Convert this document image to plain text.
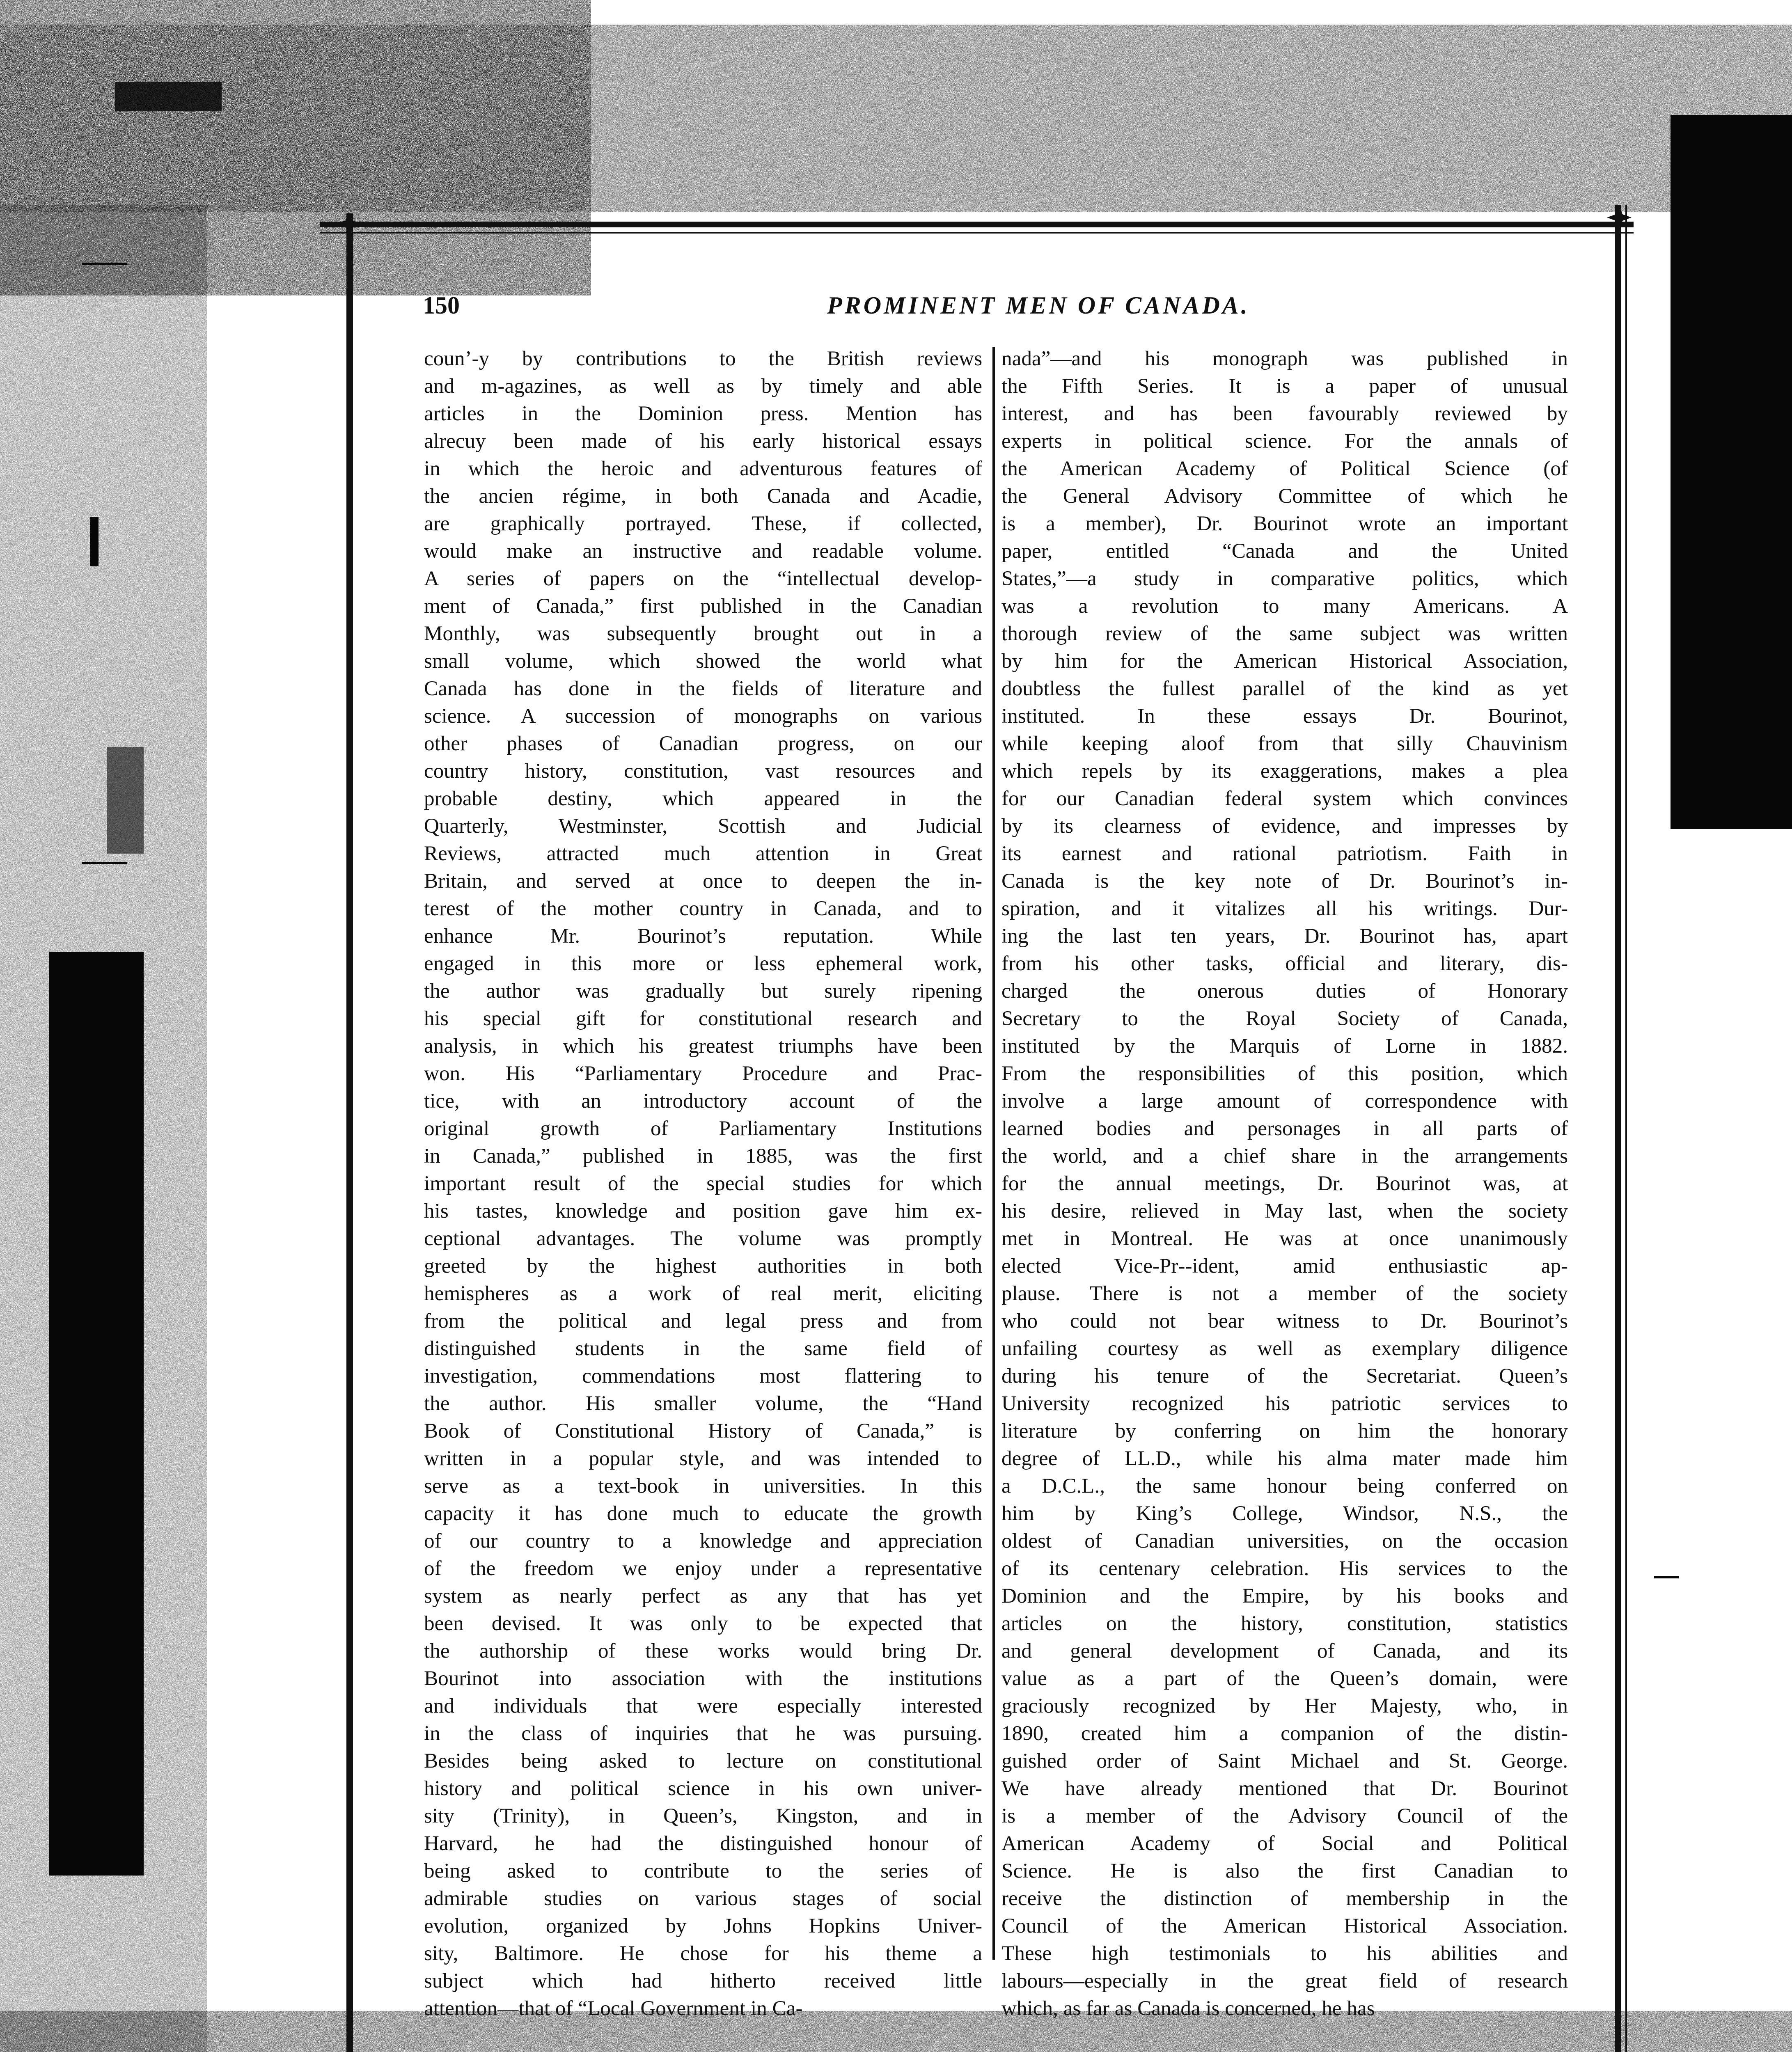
150	PROMINENT MEN OF CANADA.
coun’‑y by contributions to the British reviews
and m‑agazines, as well as by timely and able
articles in the Dominion press. Mention has
alrecuy been made of his early historical essays
in which the heroic and adventurous features of
the ancien régime, in both Canada and Acadie,
are graphically portrayed. These, if collected,
would make an instructive and readable volume.
A series of papers on the “intellectual develop-
ment of Canada,” first published in the Canadian
Monthly, was subsequently brought out in a
small volume, which showed the world what
Canada has done in the fields of literature and
science. A succession of monographs on various
other phases of Canadian progress, on our
country history, constitution, vast resources and
probable destiny, which appeared in the
Quarterly, Westminster, Scottish and Judicial
Reviews, attracted much attention in Great
Britain, and served at once to deepen the in-
terest of the mother country in Canada, and to
enhance Mr. Bourinot’s reputation. While
engaged in this more or less ephemeral work,
the author was gradually but surely ripening
his special gift for constitutional research and
analysis, in which his greatest triumphs have been
won. His “Parliamentary Procedure and Prac-
tice, with an introductory account of the
original growth of Parliamentary Institutions
in Canada,” published in 1885, was the first
important result of the special studies for which
his tastes, knowledge and position gave him ex-
ceptional advantages. The volume was promptly
greeted by the highest authorities in both
hemispheres as a work of real merit, eliciting
from the political and legal press and from
distinguished students in the same field of
investigation, commendations most flattering to
the author. His smaller volume, the “Hand
Book of Constitutional History of Canada,” is
written in a popular style, and was intended to
serve as a text-book in universities. In this
capacity it has done much to educate the growth
of our country to a knowledge and appreciation
of the freedom we enjoy under a representative
system as nearly perfect as any that has yet
been devised. It was only to be expected that
the authorship of these works would bring Dr.
Bourinot into association with the institutions
and individuals that were especially interested
in the class of inquiries that he was pursuing.
Besides being asked to lecture on constitutional
history and political science in his own univer-
sity (Trinity), in Queen’s, Kingston, and in
Harvard, he had the distinguished honour of
being asked to contribute to the series of
admirable studies on various stages of social
evolution, organized by Johns Hopkins Univer-
sity, Baltimore. He chose for his theme a
subject which had hitherto received little
attention—that of “Local Government in Ca-
nada”—and his monograph was published in
the Fifth Series. It is a paper of unusual
interest, and has been favourably reviewed by
experts in political science. For the annals of
the American Academy of Political Science (of
the General Advisory Committee of which he
is a member), Dr. Bourinot wrote an important
paper, entitled “Canada and the United
States,”—a study in comparative politics, which
was a revolution to many Americans. A
thorough review of the same subject was written
by him for the American Historical Association,
doubtless the fullest parallel of the kind as yet
instituted. In these essays Dr. Bourinot,
while keeping aloof from that silly Chauvinism
which repels by its exaggerations, makes a plea
for our Canadian federal system which convinces
by its clearness of evidence, and impresses by
its earnest and rational patriotism. Faith in
Canada is the key note of Dr. Bourinot’s in-
spiration, and it vitalizes all his writings. Dur-
ing the last ten years, Dr. Bourinot has, apart
from his other tasks, official and literary, dis-
charged the onerous duties of Honorary
Secretary to the Royal Society of Canada,
instituted by the Marquis of Lorne in 1882.
From the responsibilities of this position, which
involve a large amount of correspondence with
learned bodies and personages in all parts of
the world, and a chief share in the arrangements
for the annual meetings, Dr. Bourinot was, at
his desire, relieved in May last, when the society
met in Montreal. He was at once unanimously
elected Vice-Pr‑‑ident, amid enthusiastic ap-
plause. There is not a member of the society
who could not bear witness to Dr. Bourinot’s
unfailing courtesy as well as exemplary diligence
during his tenure of the Secretariat. Queen’s
University recognized his patriotic services to
literature by conferring on him the honorary
degree of LL.D., while his alma mater made him
a D.C.L., the same honour being conferred on
him by King’s College, Windsor, N.S., the
oldest of Canadian universities, on the occasion
of its centenary celebration. His services to the
Dominion and the Empire, by his books and
articles on the history, constitution, statistics
and general development of Canada, and its
value as a part of the Queen’s domain, were
graciously recognized by Her Majesty, who, in
1890, created him a companion of the distin-
guished order of Saint Michael and St. George.
We have already mentioned that Dr. Bourinot
is a member of the Advisory Council of the
American Academy of Social and Political
Science. He is also the first Canadian to
receive the distinction of membership in the
Council of the American Historical Association.
These high testimonials to his abilities and
labours—especially in the great field of research
which, as far as Canada is concerned, he has
